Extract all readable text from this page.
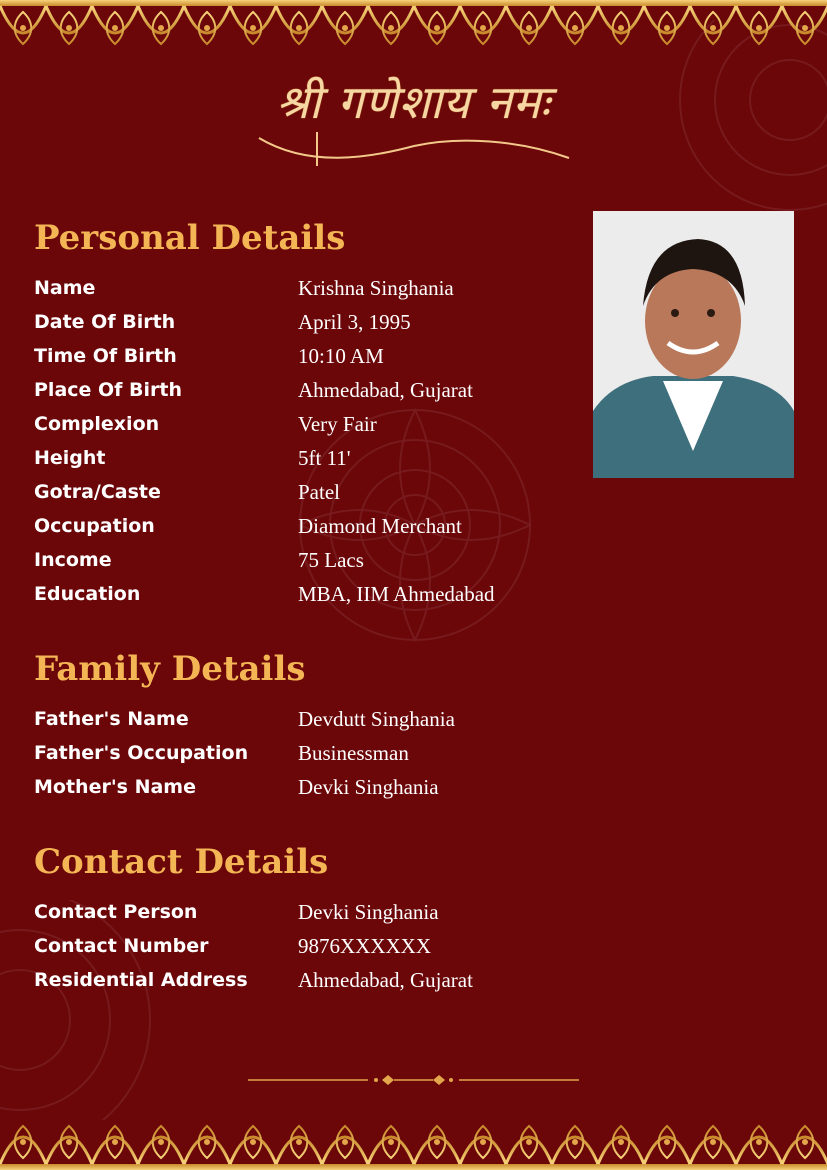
श्री गणेशाय नमः
Personal Details
Name	Krishna Singhania
Date Of Birth	April 3, 1995
Time Of Birth	10:10 AM
Place Of Birth	Ahmedabad, Gujarat
Complexion	Very Fair
Height	5ft 11'
Gotra/Caste	Patel
Occupation	Diamond Merchant
Income	75 Lacs
Education	MBA, IIM Ahmedabad
Family Details
Father's Name	Devdutt Singhania
Father's Occupation	Businessman
Mother's Name	Devki Singhania
Contact Details
Contact Person	Devki Singhania
Contact Number	9876XXXXXX
Residential Address	Ahmedabad, Gujarat
